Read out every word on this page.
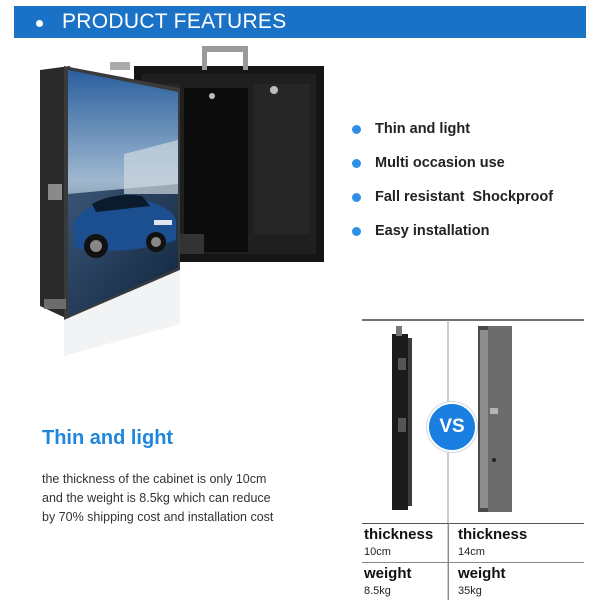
PRODUCT FEATURES
Thin and light
Multi occasion use
Fall resistant  Shockproof
Easy installation
Thin and light
the thickness of the cabinet is only 10cm
and the weight is 8.5kg which can reduce
by 70% shipping cost and installation cost
VS
thickness
10cm
thickness
14cm
weight
8.5kg
weight
35kg
